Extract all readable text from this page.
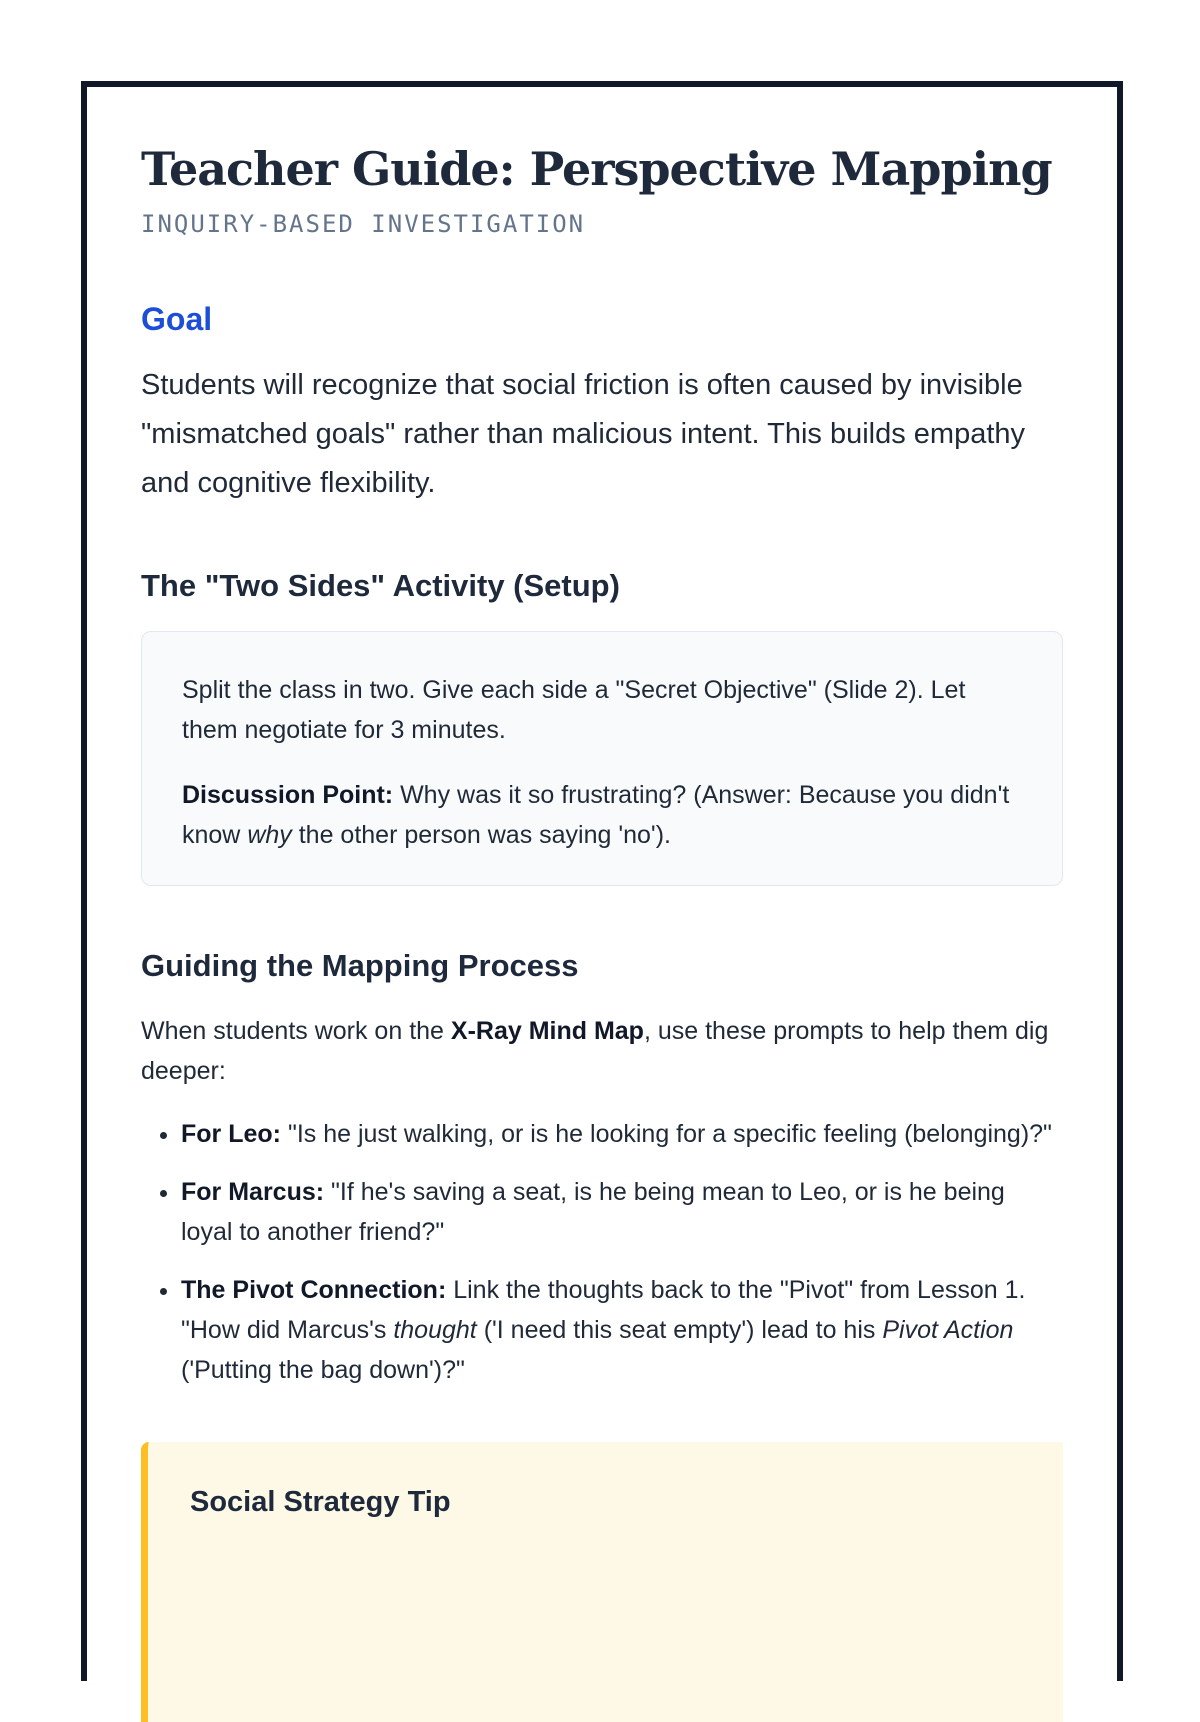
Teacher Guide: Perspective Mapping
INQUIRY-BASED INVESTIGATION
Goal
Students will recognize that social friction is often caused by invisible "mismatched goals" rather than malicious intent. This builds empathy and cognitive flexibility.
The "Two Sides" Activity (Setup)

Split the class in two. Give each side a "Secret Objective" (Slide 2). Let them negotiate for 3 minutes.

Discussion Point: Why was it so frustrating? (Answer: Because you didn't know why the other person was saying 'no').

Guiding the Mapping Process
When students work on the X-Ray Mind Map, use these prompts to help them dig deeper:
• For Leo: "Is he just walking, or is he looking for a specific feeling (belonging)?"
• For Marcus: "If he's saving a seat, is he being mean to Leo, or is he being loyal to another friend?"
• The Pivot Connection: Link the thoughts back to the "Pivot" from Lesson 1. "How did Marcus's thought ('I need this seat empty') lead to his Pivot Action ('Putting the bag down')?"
Social Strategy Tip
